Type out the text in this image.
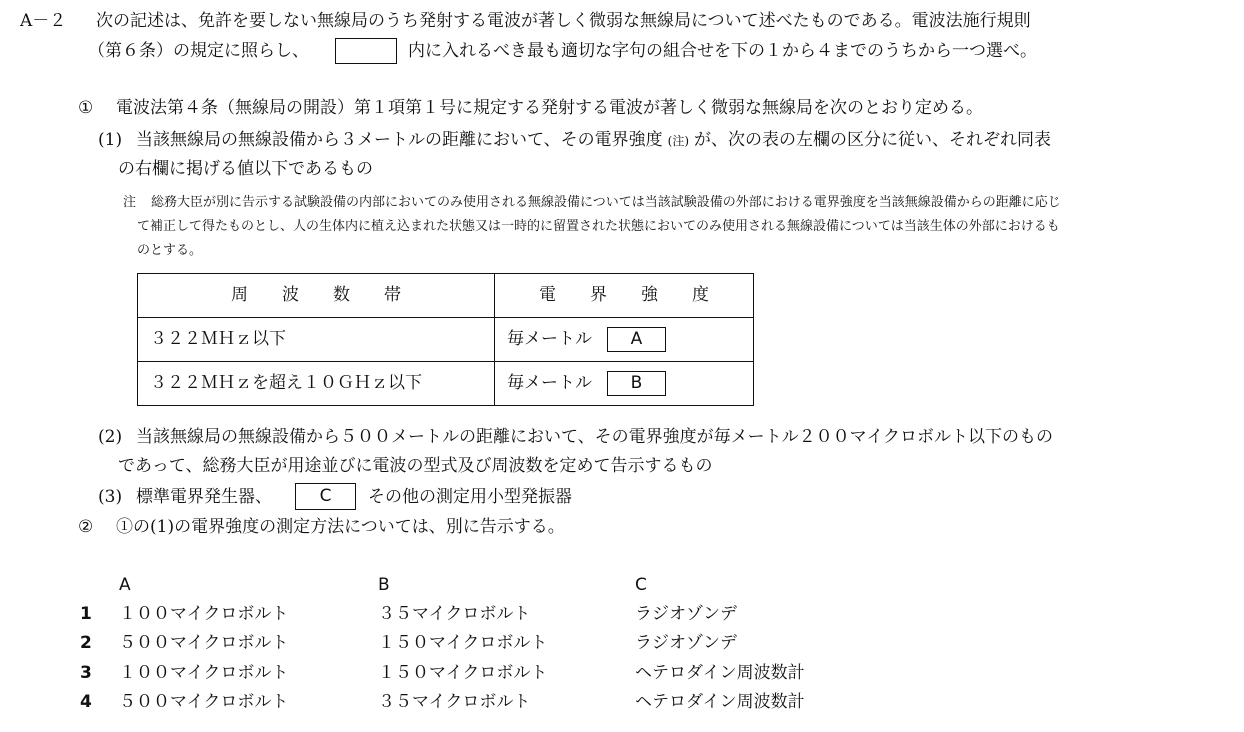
A－２ 次の記述は、免許を要しない無線局のうち発射する電波が著しく微弱な無線局について述べたものである。電波法施行規則
（第６条）の規定に照らし、	内に入れるべき最も適切な字句の組合せを下の１から４までのうちから一つ選べ。
① 電波法第４条（無線局の開設）第１項第１号に規定する発射する電波が著しく微弱な無線局を次のとおり定める。
(1) 当該無線局の無線設備から３メートルの距離において、その電界強度 (注) が、次の表の左欄の区分に従い、それぞれ同表
の右欄に掲げる値以下であるもの
注 総務大臣が別に告示する試験設備の内部においてのみ使用される無線設備については当該試験設備の外部における電界強度を当該無線設備からの距離に応じ
て補正して得たものとし、人の生体内に植え込まれた状態又は一時的に留置された状態においてのみ使用される無線設備については当該生体の外部におけるも
のとする。
周　　波　　数　　帯	電　　界　　強　　度
３２２ＭＨｚ以下	毎メートル A

３２２ＭＨｚを超え１０ＧＨｚ以下	毎メートル B
(2) 当該無線局の無線設備から５００メートルの距離において、その電界強度が毎メートル２００マイクロボルト以下のもの
であって、総務大臣が用途並びに電波の型式及び周波数を定めて告示するもの
(3) 標準電界発生器、	C	その他の測定用小型発振器
② ①の(1)の電界強度の測定方法については、別に告示する。
A	B	C
1 １００マイクロボルト	３５マイクロボルト	ラジオゾンデ
2 ５００マイクロボルト	１５０マイクロボルト	ラジオゾンデ
3 １００マイクロボルト	１５０マイクロボルト	ヘテロダイン周波数計
4 ５００マイクロボルト	３５マイクロボルト	ヘテロダイン周波数計
